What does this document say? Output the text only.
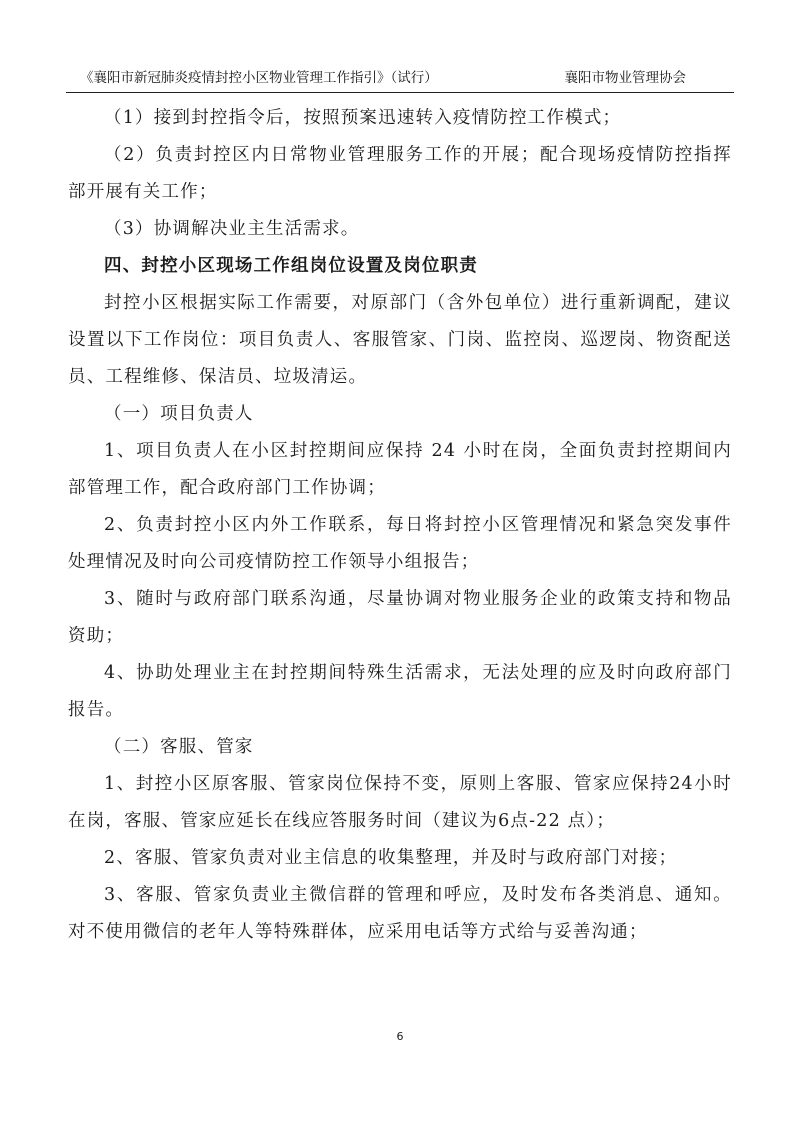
《襄阳市新冠肺炎疫情封控小区物业管理工作指引》（试行）	襄阳市物业管理协会

（1）接到封控指令后，按照预案迅速转入疫情防控工作模式；

（2）负责封控区内日常物业管理服务工作的开展；配合现场疫情防控指挥部开展有关工作；

（3）协调解决业主生活需求。

四、封控小区现场工作组岗位设置及岗位职责

封控小区根据实际工作需要，对原部门（含外包单位）进行重新调配，建议设置以下工作岗位：项目负责人、客服管家、门岗、监控岗、巡逻岗、物资配送员、工程维修、保洁员、垃圾清运。

（一）项目负责人

1、项目负责人在小区封控期间应保持 24 小时在岗，全面负责封控期间内部管理工作，配合政府部门工作协调；

2、负责封控小区内外工作联系，每日将封控小区管理情况和紧急突发事件处理情况及时向公司疫情防控工作领导小组报告；

3、随时与政府部门联系沟通，尽量协调对物业服务企业的政策支持和物品资助；

4、协助处理业主在封控期间特殊生活需求，无法处理的应及时向政府部门报告。

（二）客服、管家

1、封控小区原客服、管家岗位保持不变，原则上客服、管家应保持24小时在岗，客服、管家应延长在线应答服务时间（建议为6点-22 点）；

2、客服、管家负责对业主信息的收集整理，并及时与政府部门对接；

3、客服、管家负责业主微信群的管理和呼应，及时发布各类消息、通知。对不使用微信的老年人等特殊群体，应采用电话等方式给与妥善沟通；

6
